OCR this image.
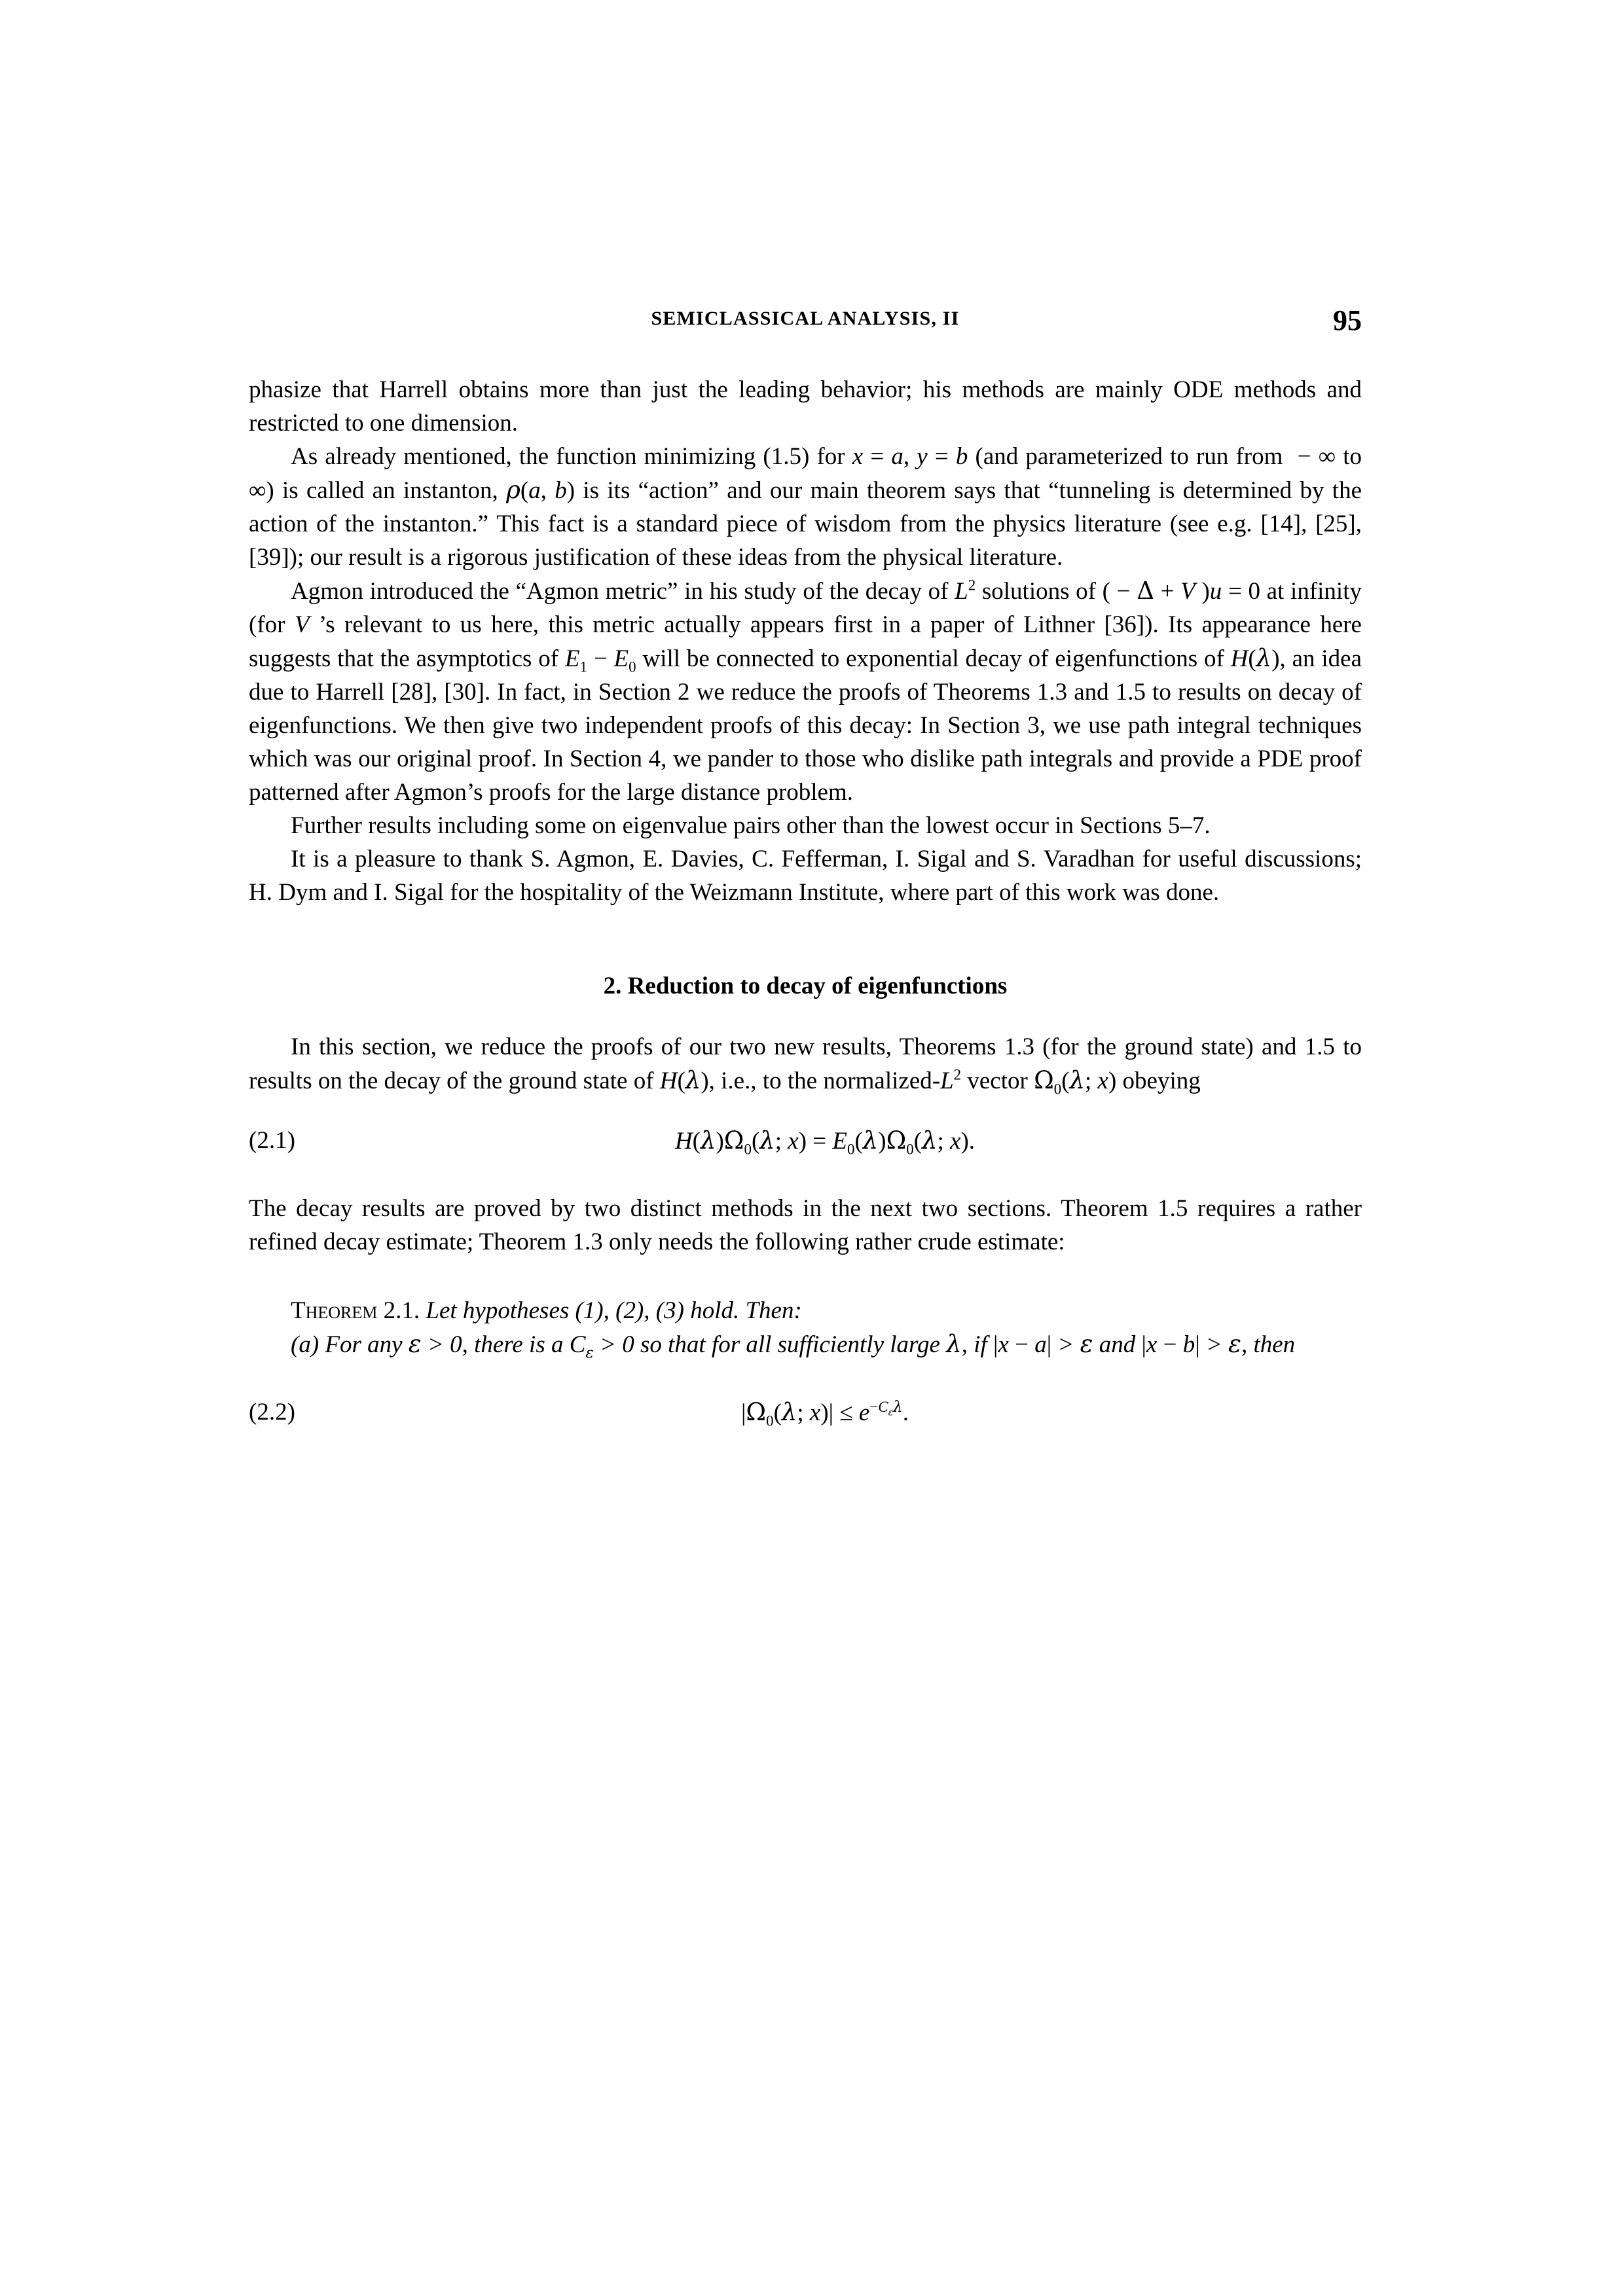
SEMICLASSICAL ANALYSIS, II	95

phasize that Harrell obtains more than just the leading behavior; his methods are mainly ODE methods and restricted to one dimension.

As already mentioned, the function minimizing (1.5) for x = a, y = b (and parameterized to run from  − ∞ to ∞) is called an instanton, ρ(a, b) is its “action” and our main theorem says that “tunneling is determined by the action of the instanton.” This fact is a standard piece of wisdom from the physics literature (see e.g. [14], [25], [39]); our result is a rigorous justification of these ideas from the physical literature.

Agmon introduced the “Agmon metric” in his study of the decay of $L^2$ solutions of ( − Δ + V )u = 0 at infinity (for V ’s relevant to us here, this metric actually appears first in a paper of Lithner [36]). Its appearance here suggests that the asymptotics of $E_1 - E_0$ will be connected to exponential decay of eigenfunctions of H(λ), an idea due to Harrell [28], [30]. In fact, in Section 2 we reduce the proofs of Theorems 1.3 and 1.5 to results on decay of eigenfunctions. We then give two independent proofs of this decay: In Section 3, we use path integral techniques which was our original proof. In Section 4, we pander to those who dislike path integrals and provide a PDE proof patterned after Agmon’s proofs for the large distance problem.

Further results including some on eigenvalue pairs other than the lowest occur in Sections 5–7.

It is a pleasure to thank S. Agmon, E. Davies, C. Fefferman, I. Sigal and S. Varadhan for useful discussions; H. Dym and I. Sigal for the hospitality of the Weizmann Institute, where part of this work was done.

2. Reduction to decay of eigenfunctions

In this section, we reduce the proofs of our two new results, Theorems 1.3 (for the ground state) and 1.5 to results on the decay of the ground state of H(λ), i.e., to the normalized-$L^2$ vector $\Omega_0(\lambda$; x) obeying

(2.1)	$H(\lambda)\Omega_0(\lambda$; $x) = E_0(\lambda)\Omega_0(\lambda$; x).

The decay results are proved by two distinct methods in the next two sections. Theorem 1.5 requires a rather refined decay estimate; Theorem 1.3 only needs the following rather crude estimate:

Theorem 2.1. Let hypotheses (1), (2), (3) hold. Then:

(a) For any ε > 0, there is a $C_\varepsilon > 0$ so that for all sufficiently large λ, if |x − a| > ε and |x − b| > ε, then

(2.2)	$|\Omega_0(\lambda$; $x)| \le e^{-C_\varepsilon\lambda}$.
